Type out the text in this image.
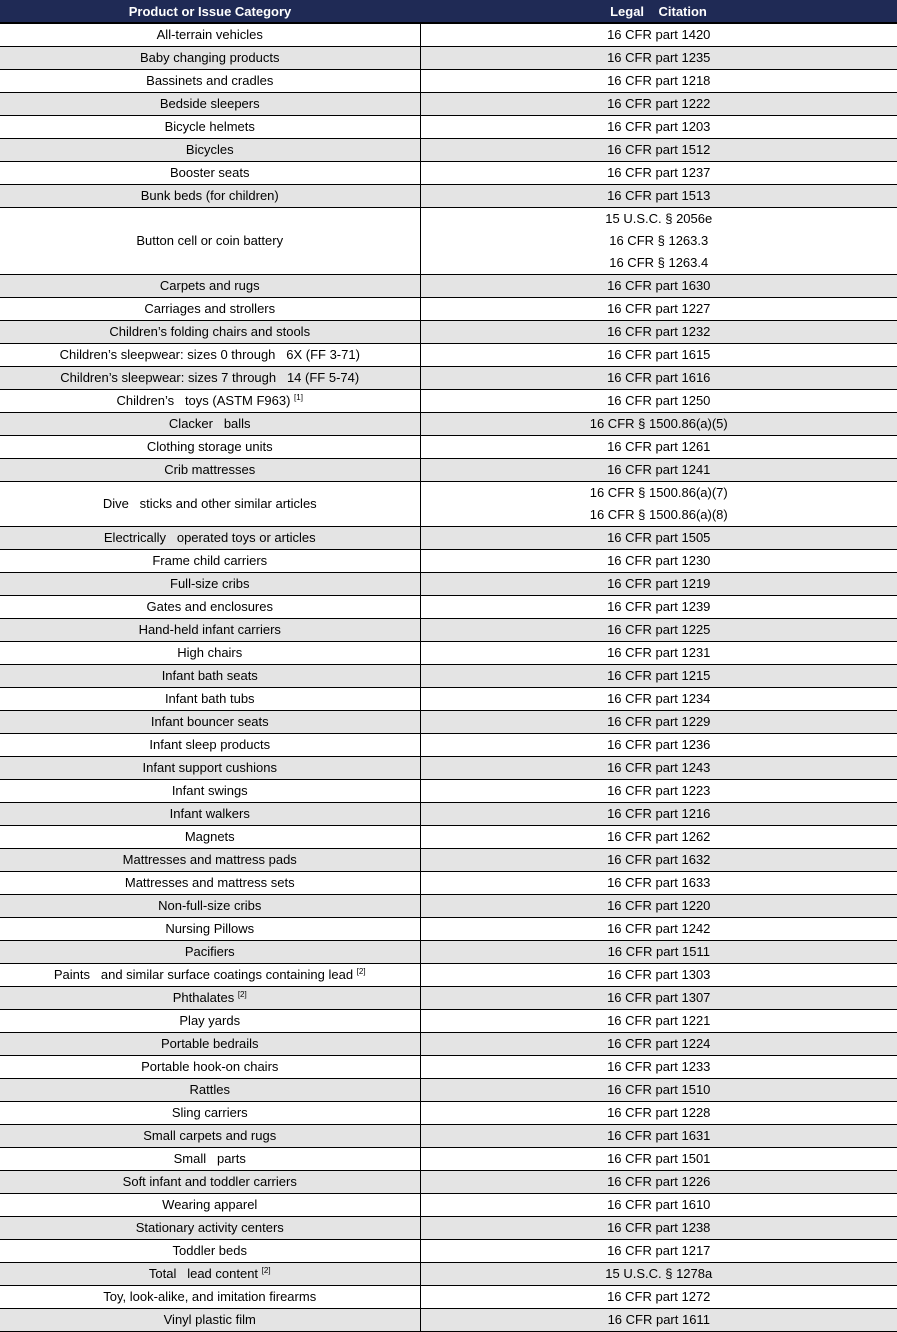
Product or Issue Category	Legal    Citation
All-terrain vehicles	16 CFR part 1420

Baby changing products	16 CFR part 1235

Bassinets and cradles	16 CFR part 1218

Bedside sleepers	16 CFR part 1222

Bicycle helmets	16 CFR part 1203

Bicycles	16 CFR part 1512

Booster seats	16 CFR part 1237

Bunk beds (for children)	16 CFR part 1513

Button cell or coin battery	15 U.S.C. § 2056e
16 CFR § 1263.3
16 CFR § 1263.4

Carpets and rugs	16 CFR part 1630

Carriages and strollers	16 CFR part 1227

Children’s folding chairs and stools	16 CFR part 1232

Children’s sleepwear: sizes 0 through   6X (FF 3-71)	16 CFR part 1615

Children’s sleepwear: sizes 7 through   14 (FF 5-74)	16 CFR part 1616

Children’s   toys (ASTM F963) [1]	16 CFR part 1250

Clacker   balls	16 CFR § 1500.86(a)(5)

Clothing storage units	16 CFR part 1261

Crib mattresses	16 CFR part 1241

Dive   sticks and other similar articles	16 CFR § 1500.86(a)(7)
16 CFR § 1500.86(a)(8)

Electrically   operated toys or articles	16 CFR part 1505

Frame child carriers	16 CFR part 1230

Full-size cribs	16 CFR part 1219

Gates and enclosures	16 CFR part 1239

Hand-held infant carriers	16 CFR part 1225

High chairs	16 CFR part 1231

Infant bath seats	16 CFR part 1215

Infant bath tubs	16 CFR part 1234

Infant bouncer seats	16 CFR part 1229

Infant sleep products	16 CFR part 1236

Infant support cushions	16 CFR part 1243

Infant swings	16 CFR part 1223

Infant walkers	16 CFR part 1216

Magnets	16 CFR part 1262

Mattresses and mattress pads	16 CFR part 1632

Mattresses and mattress sets	16 CFR part 1633

Non-full-size cribs	16 CFR part 1220

Nursing Pillows	16 CFR part 1242

Pacifiers	16 CFR part 1511

Paints   and similar surface coatings containing lead [2]	16 CFR part 1303

Phthalates [2]	16 CFR part 1307

Play yards	16 CFR part 1221

Portable bedrails	16 CFR part 1224

Portable hook-on chairs	16 CFR part 1233

Rattles	16 CFR part 1510

Sling carriers	16 CFR part 1228

Small carpets and rugs	16 CFR part 1631

Small   parts	16 CFR part 1501

Soft infant and toddler carriers	16 CFR part 1226

Wearing apparel	16 CFR part 1610

Stationary activity centers	16 CFR part 1238

Toddler beds	16 CFR part 1217

Total   lead content [2]	15 U.S.C. § 1278a

Toy, look-alike, and imitation firearms	16 CFR part 1272

Vinyl plastic film	16 CFR part 1611
